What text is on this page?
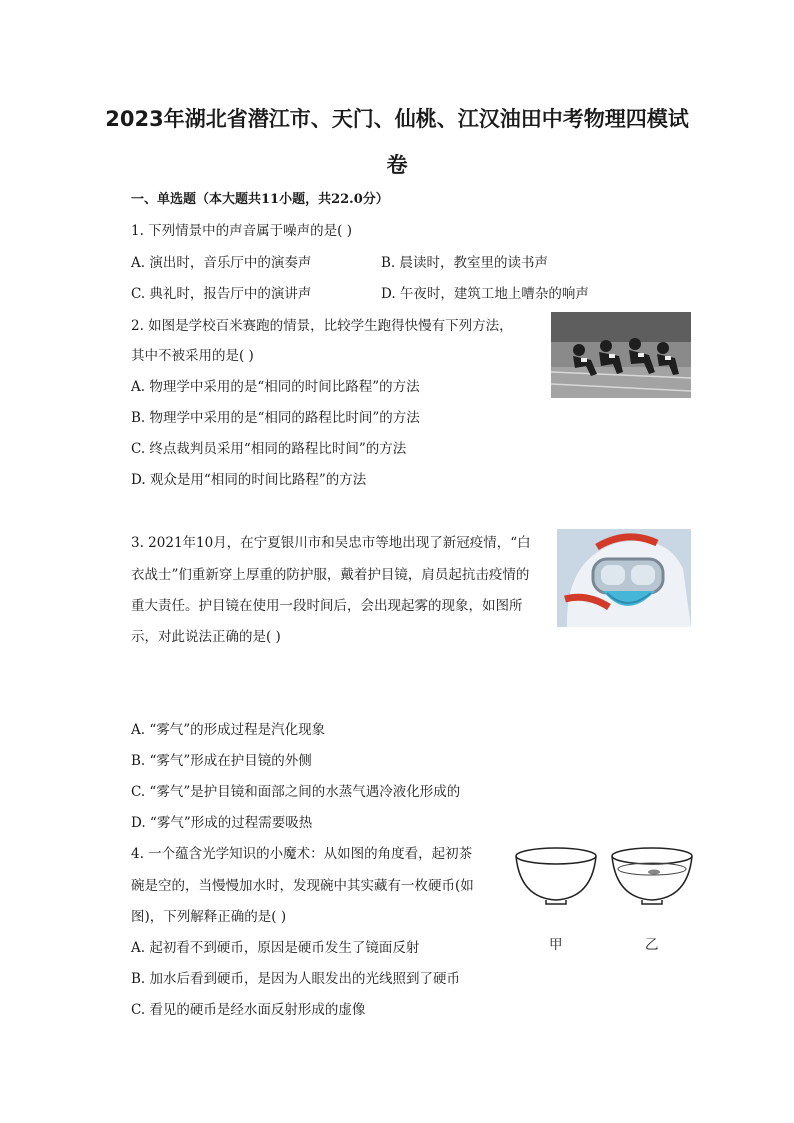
2023年湖北省潜江市、天门、仙桃、江汉油田中考物理四模试
卷
一、单选题（本大题共11小题，共22.0分）
1. 下列情景中的声音属于噪声的是( )
A. 演出时，音乐厅中的演奏声	B. 晨读时，教室里的读书声
C. 典礼时，报告厅中的演讲声	D. 午夜时，建筑工地上嘈杂的响声
2. 如图是学校百米赛跑的情景，比较学生跑得快慢有下列方法，
其中不被采用的是( )
A. 物理学中采用的是“相同的时间比路程”的方法
B. 物理学中采用的是“相同的路程比时间”的方法
C. 终点裁判员采用“相同的路程比时间”的方法
D. 观众是用“相同的时间比路程”的方法
3. 2021年10月，在宁夏银川市和吴忠市等地出现了新冠疫情，“白
衣战士”们重新穿上厚重的防护服，戴着护目镜，肩员起抗击疫情的
重大责任。护目镜在使用一段时间后，会出现起雾的现象，如图所
示，对此说法正确的是( )
A. “雾气”的形成过程是汽化现象
B. “雾气”形成在护目镜的外侧
C. “雾气”是护目镜和面部之间的水蒸气遇冷液化形成的
D. “雾气”形成的过程需要吸热
4. 一个蕴含光学知识的小魔术：从如图的角度看，起初茶
碗是空的，当慢慢加水时，发现碗中其实藏有一枚硬币(如
图)，下列解释正确的是( )
A. 起初看不到硬币，原因是硬币发生了镜面反射
B. 加水后看到硬币，是因为人眼发出的光线照到了硬币
C. 看见的硬币是经水面反射形成的虚像
甲	乙
